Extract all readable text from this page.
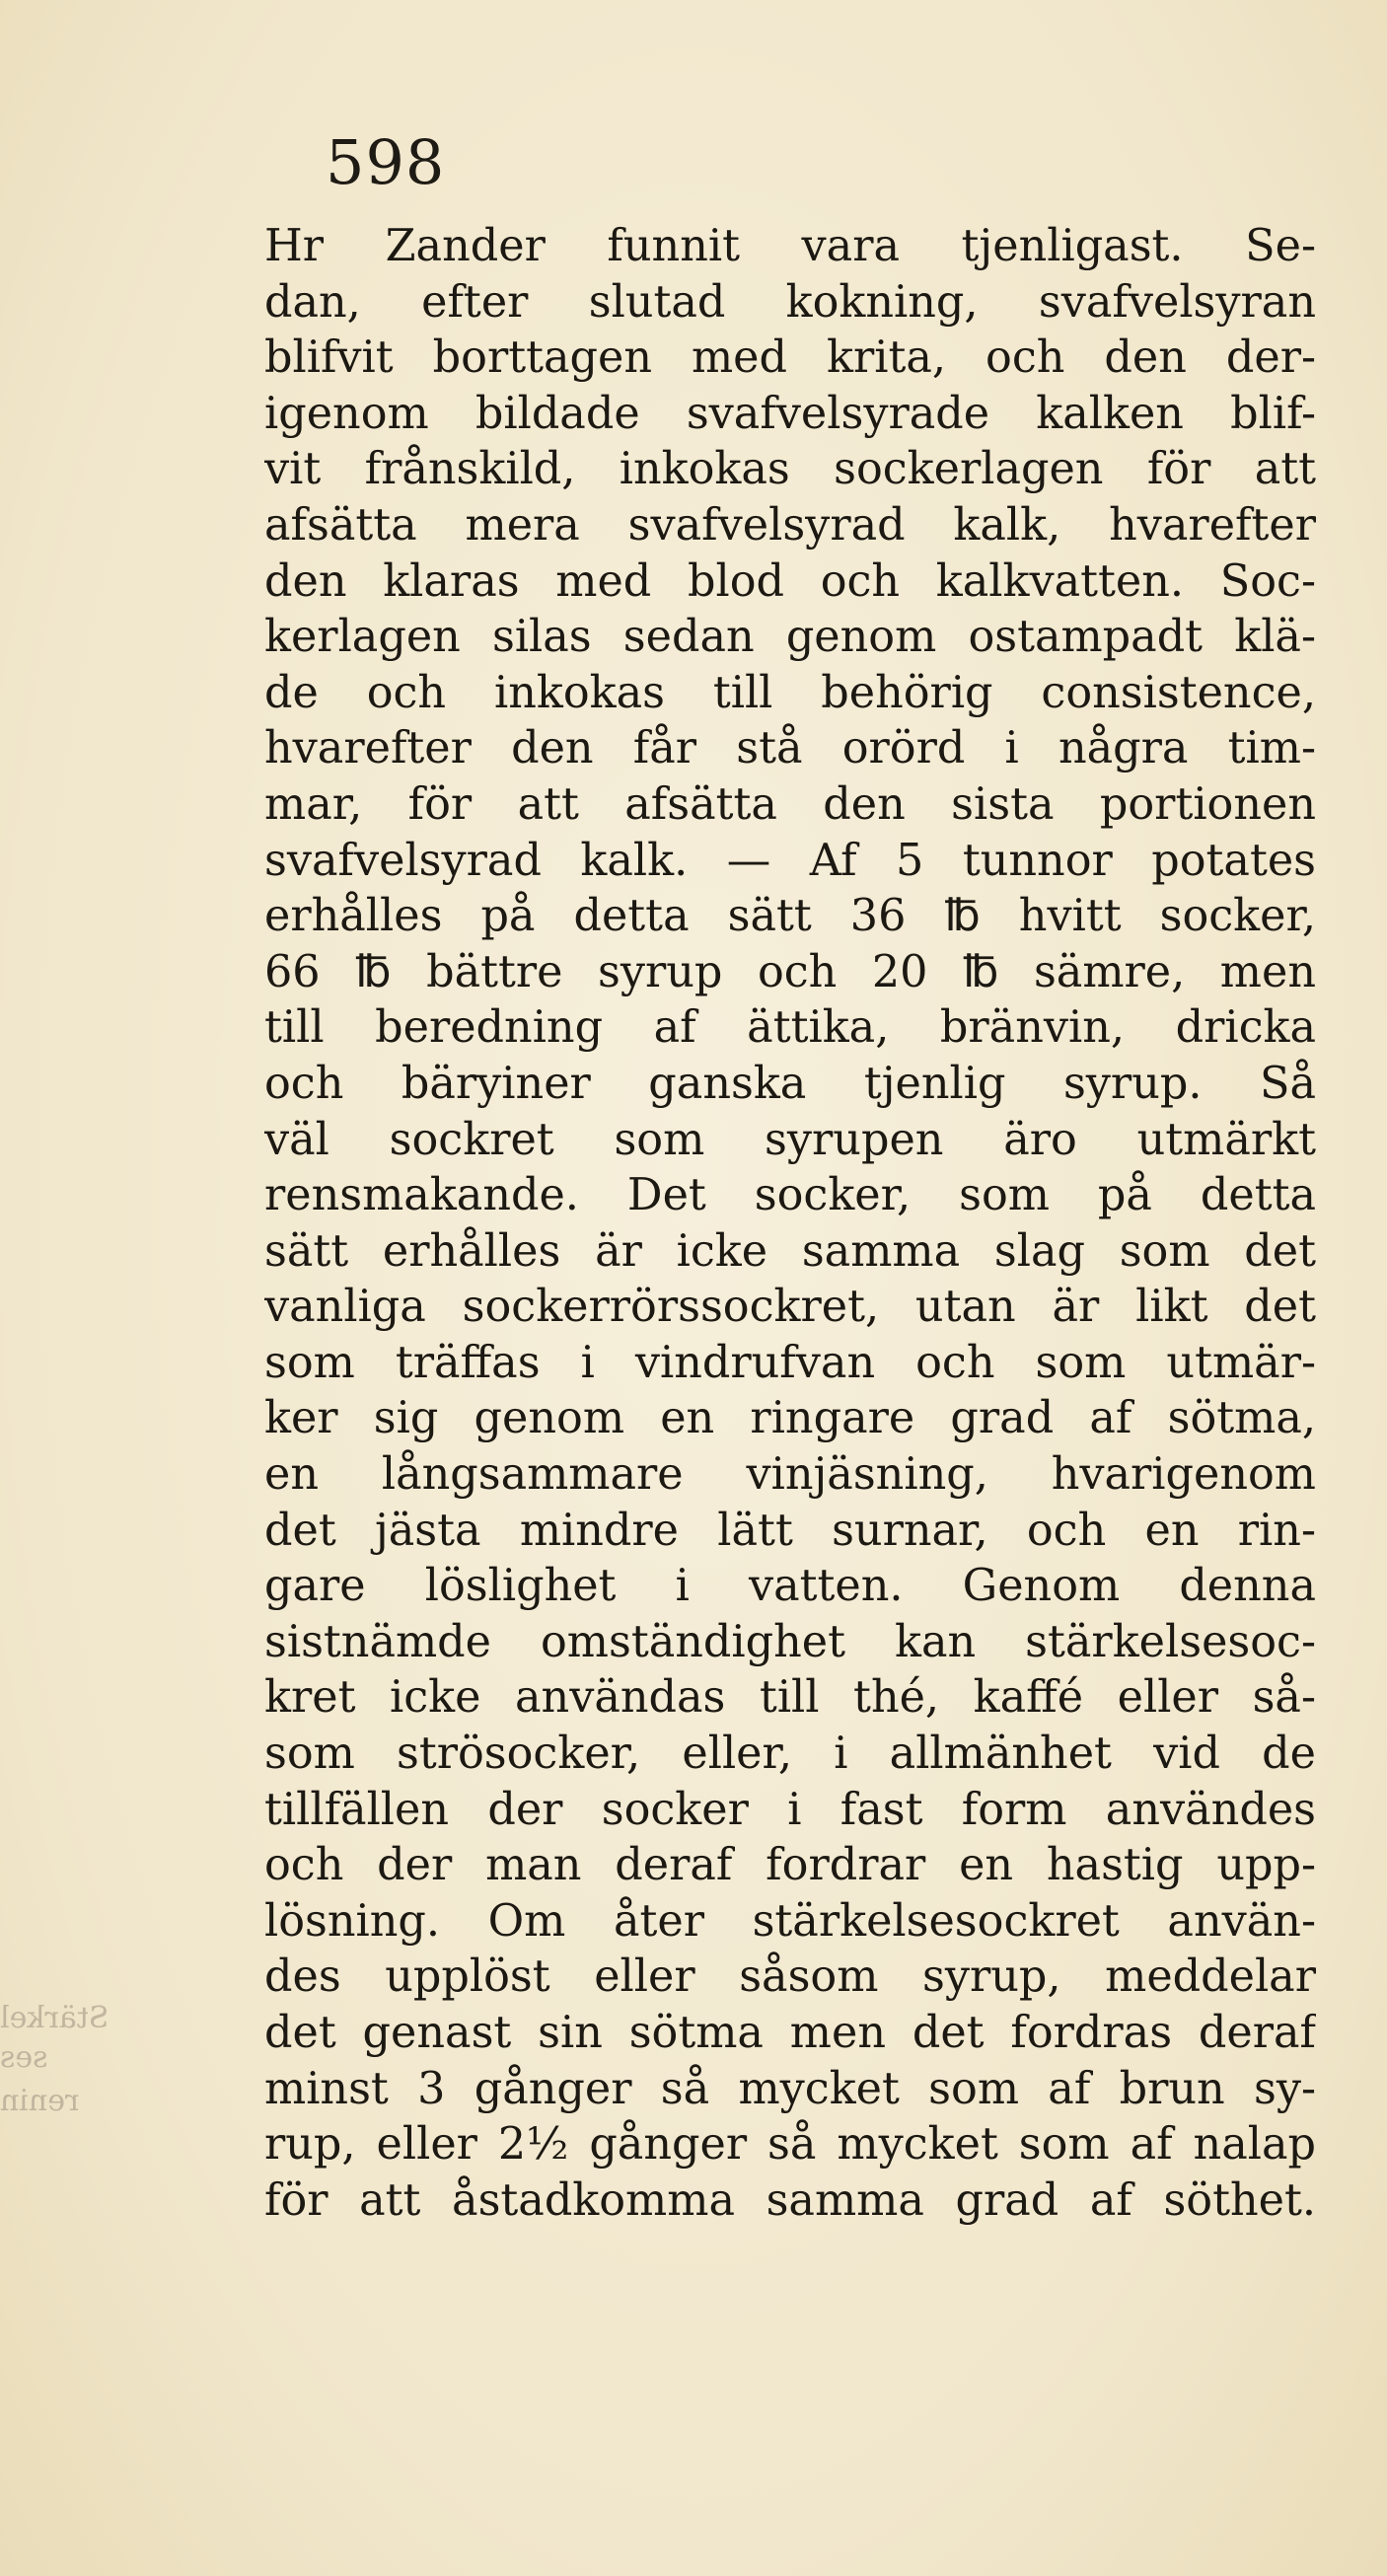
598
Stärkel
ses
renin
Hr Zander funnit vara tjenligast. Se-
dan, efter slutad kokning, svafvelsyran
blifvit borttagen med krita, och den der-
igenom bildade svafvelsyrade kalken blif-
vit frånskild, inkokas sockerlagen för att
afsätta mera svafvelsyrad kalk, hvarefter
den klaras med blod och kalkvatten. Soc-
kerlagen silas sedan genom ostampadt klä-
de och inkokas till behörig consistence,
hvarefter den får stå orörd i några tim-
mar, för att afsätta den sista portionen
svafvelsyrad kalk. — Af 5 tunnor potates
erhålles på detta sätt 36 ℔ hvitt socker,
66 ℔ bättre syrup och 20 ℔ sämre, men
till beredning af ättika, bränvin, dricka
och bäryiner ganska tjenlig syrup. Så
väl sockret som syrupen äro utmärkt
rensmakande. Det socker, som på detta
sätt erhålles är icke samma slag som det
vanliga sockerrörssockret, utan är likt det
som träffas i vindrufvan och som utmär-
ker sig genom en ringare grad af sötma,
en långsammare vinjäsning, hvarigenom
det jästa mindre lätt surnar, och en rin-
gare löslighet i vatten. Genom denna
sistnämde omständighet kan stärkelsesoc-
kret icke användas till thé, kaffé eller så-
som strösocker, eller, i allmänhet vid de
tillfällen der socker i fast form användes
och der man deraf fordrar en hastig upp-
lösning. Om åter stärkelsesockret använ-
des upplöst eller såsom syrup, meddelar
det genast sin sötma men det fordras deraf
minst 3 gånger så mycket som af brun sy-
rup, eller 2½ gånger så mycket som af nalap
för att åstadkomma samma grad af söthet.
